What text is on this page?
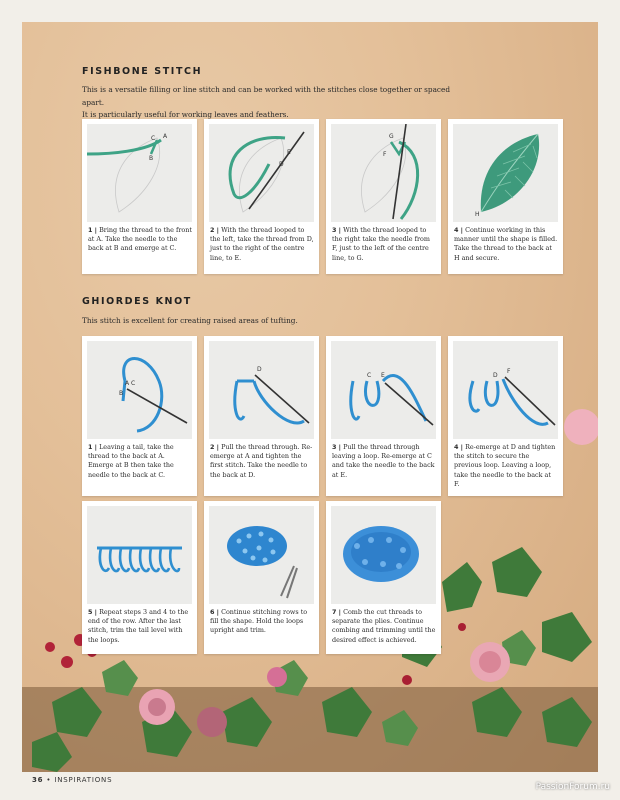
FISHBONE STITCH
This is a versatile filling or line stitch and can be worked with the stitches close together or spaced apart.
It is particularly useful for working leaves and feathers.
A
B
C
1 | Bring the thread to the front at A. Take the needle to the back at B and emerge at C.
E
D
2 | With the thread looped to the left, take the thread from D, just to the right of the centre line, to E.
G
F
3 | With the thread looped to the right take the needle from F, just to the left of the centre line, to G.
H
4 | Continue working in this manner until the shape is filled. Take the thread to the back at H and secure.
GHIORDES KNOT
This stitch is excellent for creating raised areas of tufting.
A
B
C
1 | Leaving a tail, take the thread to the back at A. Emerge at B then take the needle to the back at C.
D
2 | Pull the thread through. Re-emerge at A and tighten the first stitch. Take the needle to the back at D.
C E
3 | Pull the thread through leaving a loop. Re-emerge at C and take the needle to the back at E.
D
F
4 | Re-emerge at D and tighten the stitch to secure the previous loop. Leaving a loop, take the needle to the back at F.
5 | Repeat steps 3 and 4 to the end of the row. After the last stitch, trim the tail level with the loops.
6 | Continue stitching rows to fill the shape. Hold the loops upright and trim.
7 | Comb the cut threads to separate the plies. Continue combing and trimming until the desired effect is achieved.
36 • INSPIRATIONS
PassionForum.ru
